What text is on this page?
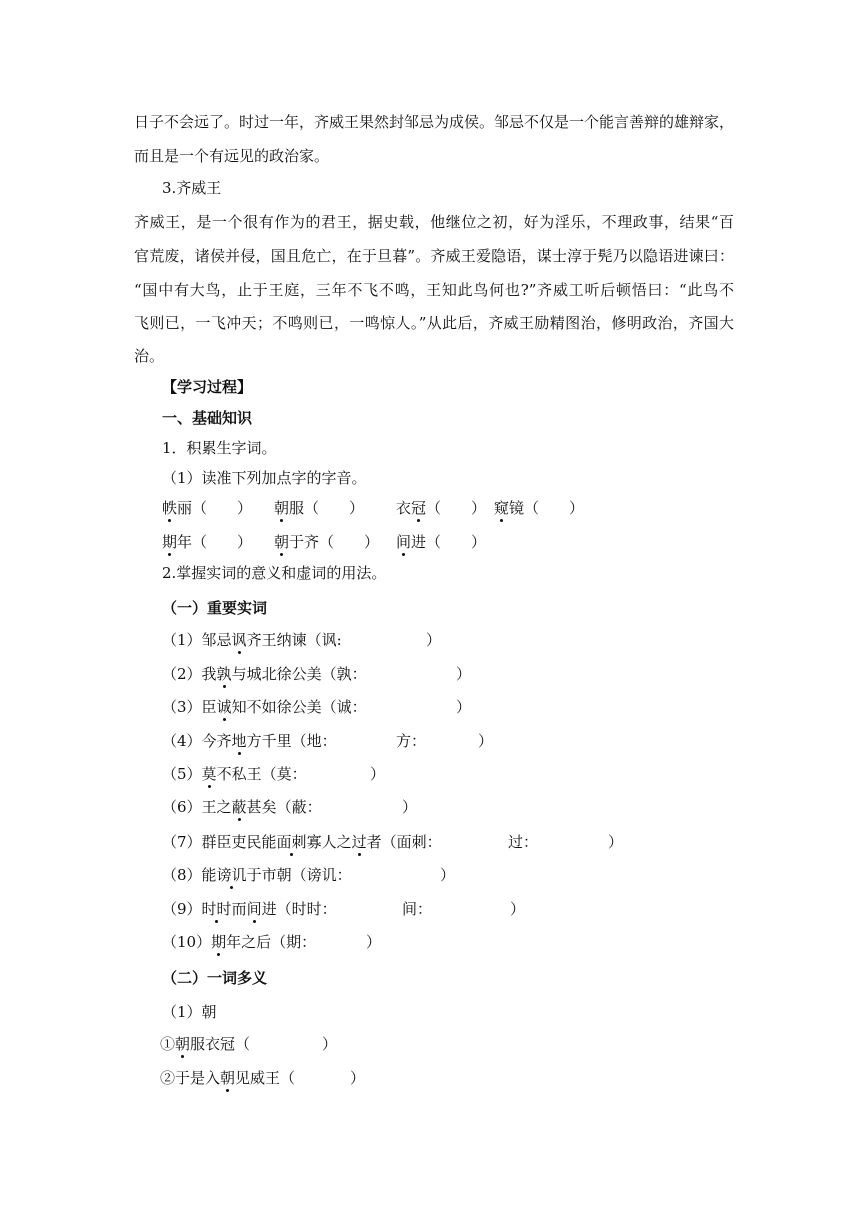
日子不会远了。时过一年，齐威王果然封邹忌为成侯。邹忌不仅是一个能言善辩的雄辩家，
而且是一个有远见的政治家。
3.齐威王
齐威王，是一个很有作为的君王，据史载，他继位之初，好为淫乐，不理政事，结果“百
官荒废，诸侯并侵，国且危亡，在于旦暮”。齐威王爱隐语，谋士淳于髡乃以隐语进谏曰：
“国中有大鸟，止于王庭，三年不飞不鸣，王知此鸟何也?”齐威工听后顿悟曰：“此鸟不
飞则已，一飞冲天；不鸣则已，一鸣惊人。”从此后，齐威王励精图治，修明政治，齐国大
治。
【学习过程】
一、基础知识
1．积累生字词。
（1）读准下列加点字的字音。
帙丽（　　） 朝服（　　） 衣冠（　　） 窥镜（　　）
期年（　　） 朝于齐（　　） 间进（　　）
2.掌握实词的意义和虚词的用法。
（一）重要实词
（1）邹忌讽齐王纳谏（讽:	）
（2）我孰与城北徐公美（孰：	）
（3）臣诚知不如徐公美（诚：	）
（4）今齐地方千里（地：	方：	）
（5）莫不私王（莫：	）
（6）王之蔽甚矣（蔽：	）
（7）群臣吏民能面刺寡人之过者（面刺：	过：	）
（8）能谤讥于市朝（谤讥：	）
（9）时时而间进（时时：	间：	）
（10）期年之后（期：	）
（二）一词多义
（1）朝
①朝服衣冠（	）
②于是入朝见威王（	）
